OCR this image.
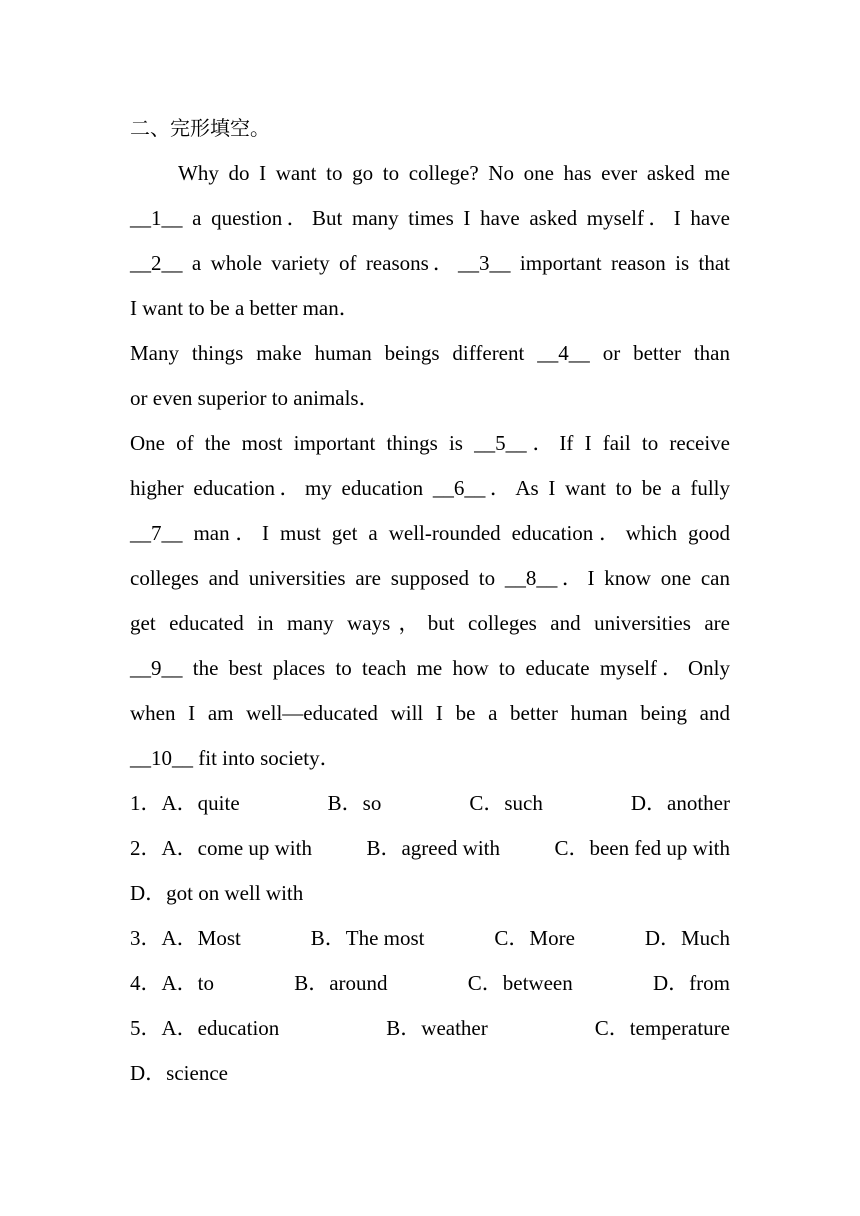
二、完形填空。
Why do I want to go to college? No one has ever asked me
__1__ a question．But many times I have asked myself．I have
__2__ a whole variety of reasons．__3__ important reason is that
I want to be a better man．
Many things make human beings different __4__ or better than
or even superior to animals．
One of the most important things is __5__．If I fail to receive
higher education．my education __6__．As I want to be a fully
__7__ man．I must get a well-rounded education．which good
colleges and universities are supposed to __8__．I know one can
get educated in many ways，but colleges and universities are
__9__ the best places to teach me how to educate myself．Only
when I am well—educated will I be a better human being and
__10__ fit into society．
1．A．quite	B．so	C．such	D．another
2．A．come up with	B．agreed with	C．been fed up with
D．got on well with
3．A．Most	B．The most	C．More	D．Much
4．A．to	B．around	C．between	D．from
5．A．education	B．weather	C．temperature
D．science
